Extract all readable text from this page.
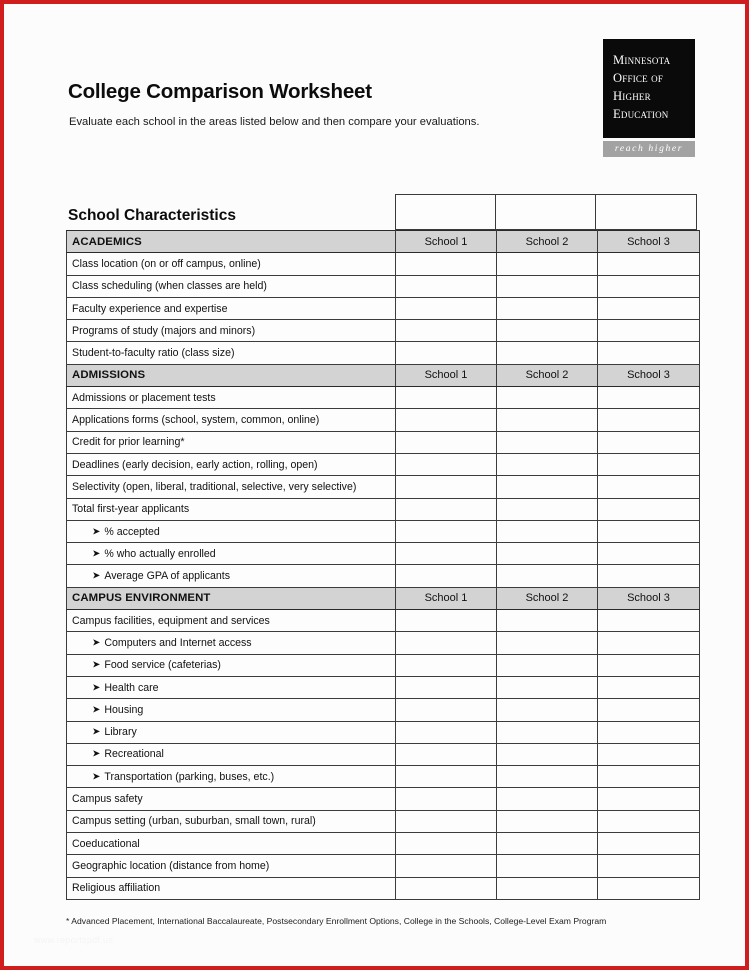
College Comparison Worksheet
Evaluate each school in the areas listed below and then compare your evaluations.
Minnesota
Office of
Higher
Education
reach higher
School Characteristics
ACADEMICS	School 1	School 2	School 3
Class location (on or off campus, online)			
Class scheduling (when classes are held)			
Faculty experience and expertise			
Programs of study (majors and minors)			
Student-to-faculty ratio (class size)			
ADMISSIONS	School 1	School 2	School 3
Admissions or placement tests			
Applications forms (school, system, common, online)			
Credit for prior learning*			
Deadlines (early decision, early action, rolling, open)			
Selectivity (open, liberal, traditional, selective, very selective)			
Total first-year applicants			
➤ % accepted			
➤ % who actually enrolled			
➤ Average GPA of applicants			
CAMPUS ENVIRONMENT	School 1	School 2	School 3
Campus facilities, equipment and services			
➤ Computers and Internet access			
➤ Food service (cafeterias)			
➤ Health care			
➤ Housing			
➤ Library			
➤ Recreational			
➤ Transportation (parking, buses, etc.)			
Campus safety			
Campus setting (urban, suburban, small town, rural)			
Coeducational			
Geographic location (distance from home)			
Religious affiliation			
* Advanced Placement, International Baccalaureate, Postsecondary Enrollment Options, College in the Schools, College-Level Exam Program
www.reportspdf.us
